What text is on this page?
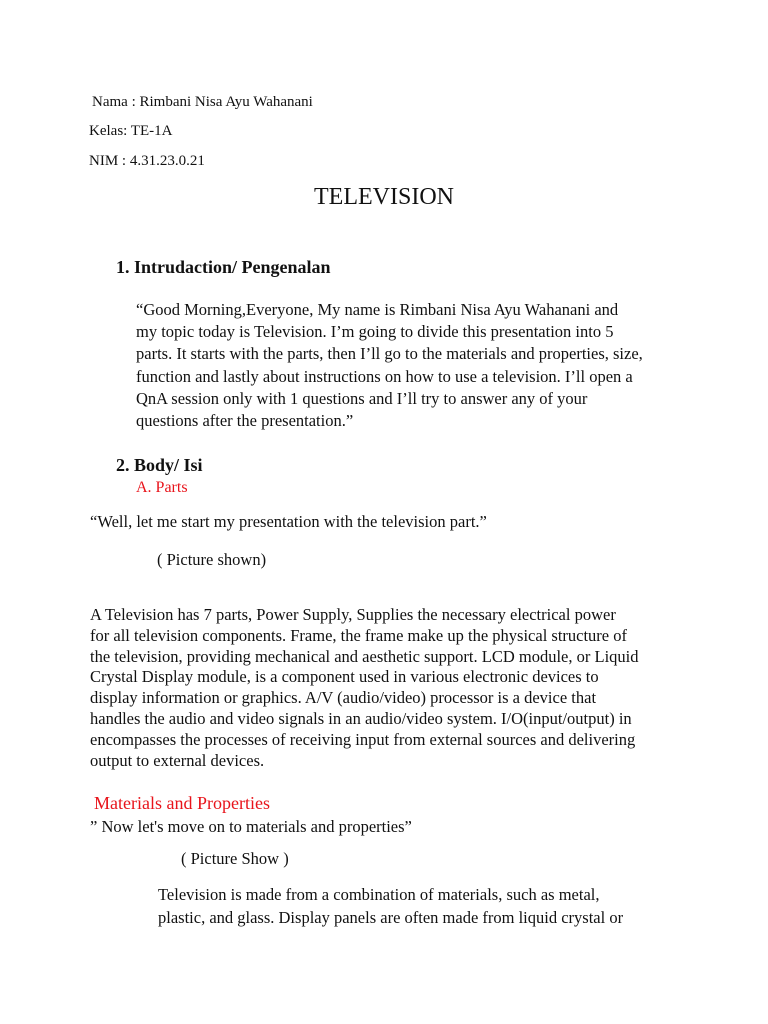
Nama : Rimbani Nisa Ayu Wahanani
Kelas: TE-1A
NIM : 4.31.23.0.21
TELEVISION
1. Intrudaction/ Pengenalan
“Good Morning,Everyone, My name is Rimbani Nisa Ayu Wahanani and
my topic today is Television. I’m going to divide this presentation into 5
parts. It starts with the parts, then I’ll go to the materials and properties, size,
function and lastly about instructions on how to use a television. I’ll open a
QnA session only with 1 questions and I’ll try to answer any of your
questions after the presentation.”
2. Body/ Isi
A. Parts
“Well, let me start my presentation with the television part.”
( Picture shown)
A Television has 7 parts, Power Supply, Supplies the necessary electrical power
for all television components. Frame, the frame make up the physical structure of
the television, providing mechanical and aesthetic support. LCD module, or Liquid
Crystal Display module, is a component used in various electronic devices to
display information or graphics. A/V (audio/video) processor is a device that
handles the audio and video signals in an audio/video system. I/O(input/output) in
encompasses the processes of receiving input from external sources and delivering
output to external devices.
Materials and Properties
” Now let's move on to materials and properties”
( Picture Show )
Television is made from a combination of materials, such as metal,
plastic, and glass. Display panels are often made from liquid crystal or
